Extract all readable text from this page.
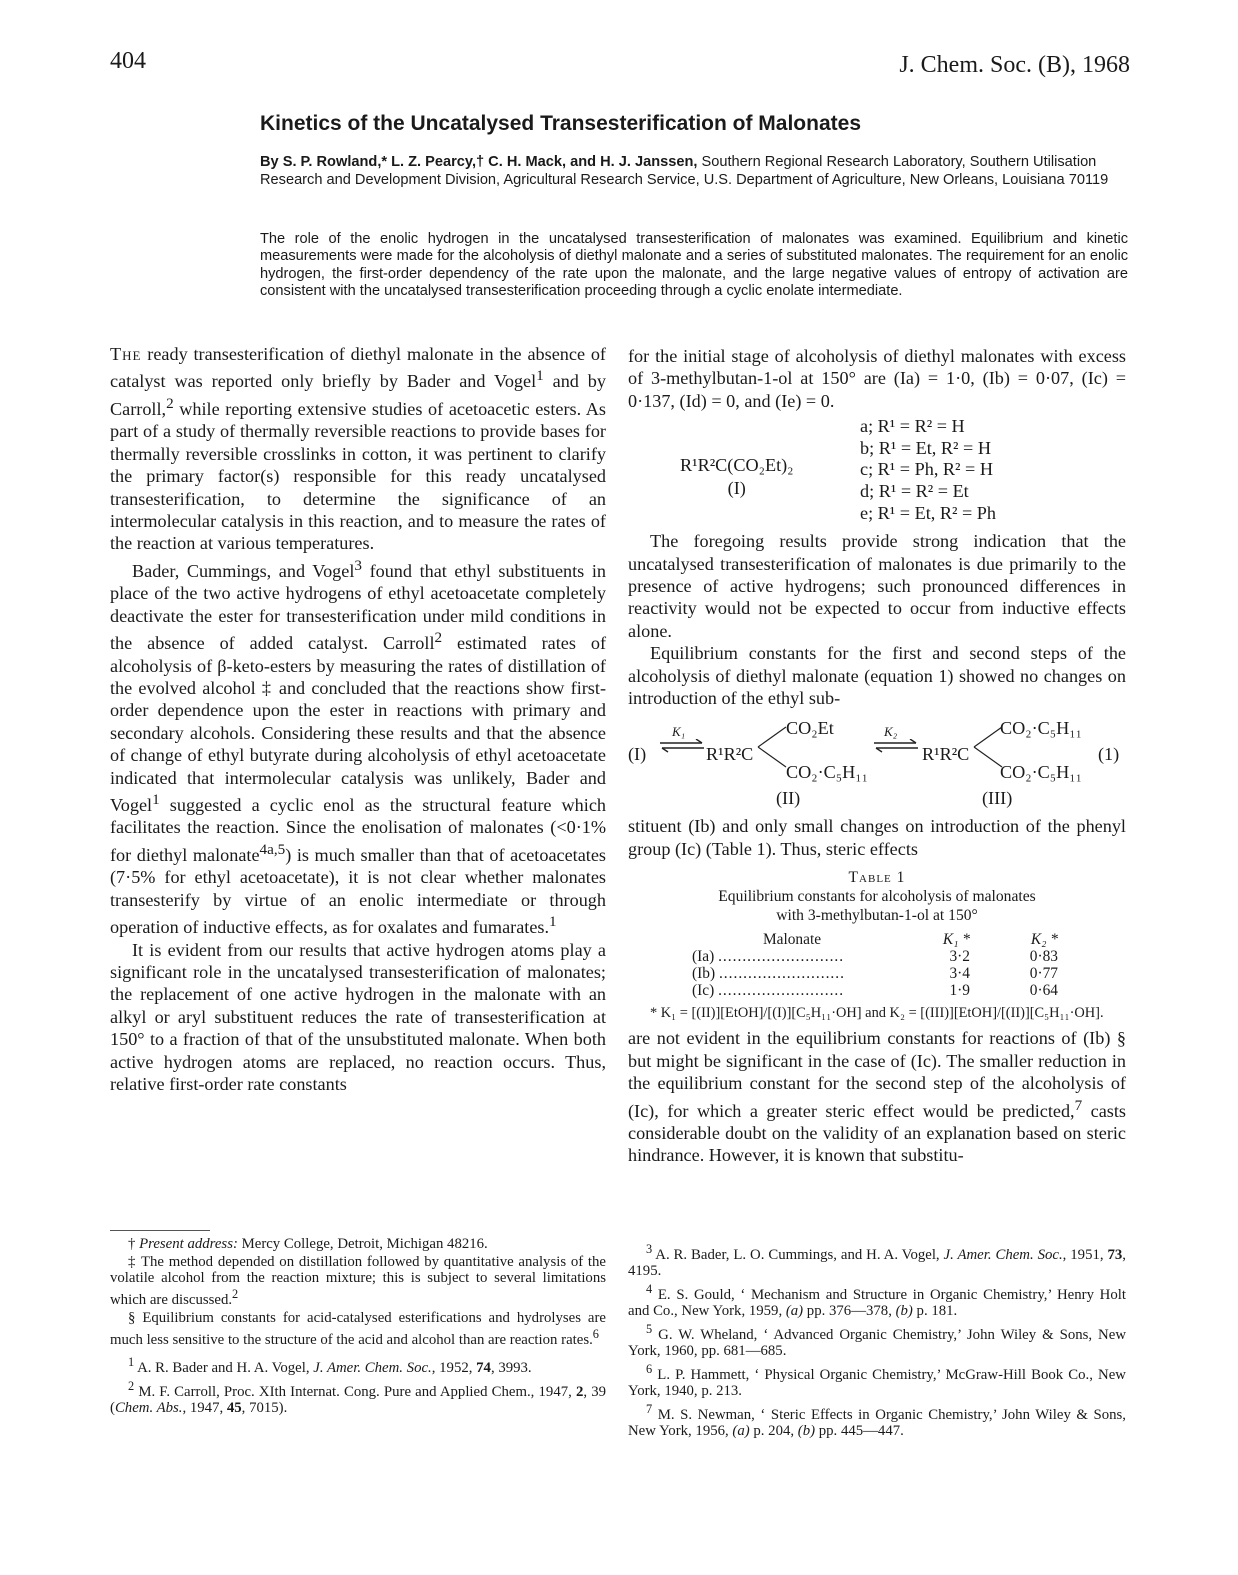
404	J. Chem. Soc. (B), 1968
Kinetics of the Uncatalysed Transesterification of Malonates
By S. P. Rowland,* L. Z. Pearcy,† C. H. Mack, and H. J. Janssen, Southern Regional Research Laboratory, Southern Utilisation Research and Development Division, Agricultural Research Service, U.S. Department of Agriculture, New Orleans, Louisiana 70119
The role of the enolic hydrogen in the uncatalysed transesterification of malonates was examined. Equilibrium and kinetic measurements were made for the alcoholysis of diethyl malonate and a series of substituted malonates. The requirement for an enolic hydrogen, the first-order dependency of the rate upon the malonate, and the large negative values of entropy of activation are consistent with the uncatalysed transesterification proceeding through a cyclic enolate intermediate.

The ready transesterification of diethyl malonate in the absence of catalyst was reported only briefly by Bader and Vogel$^1$ and by Carroll,$^2$ while reporting extensive studies of acetoacetic esters. As part of a study of thermally reversible reactions to provide bases for thermally reversible crosslinks in cotton, it was pertinent to clarify the primary factor(s) responsible for this ready uncatalysed transesterification, to determine the significance of an intermolecular catalysis in this reaction, and to measure the rates of the reaction at various temperatures.

Bader, Cummings, and Vogel$^3$ found that ethyl substituents in place of the two active hydrogens of ethyl acetoacetate completely deactivate the ester for transesterification under mild conditions in the absence of added catalyst. Carroll$^2$ estimated rates of alcoholysis of β-keto-esters by measuring the rates of distillation of the evolved alcohol ‡ and concluded that the reactions show first-order dependence upon the ester in reactions with primary and secondary alcohols. Considering these results and that the absence of change of ethyl butyrate during alcoholysis of ethyl acetoacetate indicated that intermolecular catalysis was unlikely, Bader and Vogel$^1$ suggested a cyclic enol as the structural feature which facilitates the reaction. Since the enolisation of malonates (<0·1% for diethyl malonate$^{4a,5}$) is much smaller than that of acetoacetates (7·5% for ethyl acetoacetate), it is not clear whether malonates transesterify by virtue of an enolic intermediate or through operation of inductive effects, as for oxalates and fumarates.$^1$

It is evident from our results that active hydrogen atoms play a significant role in the uncatalysed transesterification of malonates; the replacement of one active hydrogen in the malonate with an alkyl or aryl substituent reduces the rate of transesterification at 150° to a fraction of that of the unsubstituted malonate. When both active hydrogen atoms are replaced, no reaction occurs. Thus, relative first-order rate constants

† Present address: Mercy College, Detroit, Michigan 48216.

‡ The method depended on distillation followed by quantitative analysis of the volatile alcohol from the reaction mixture; this is subject to several limitations which are discussed.$^2$

§ Equilibrium constants for acid-catalysed esterifications and hydrolyses are much less sensitive to the structure of the acid and alcohol than are reaction rates.$^6$

$^1$ A. R. Bader and H. A. Vogel, J. Amer. Chem. Soc., 1952, 74, 3993.

$^2$ M. F. Carroll, Proc. XIth Internat. Cong. Pure and Applied Chem., 1947, 2, 39 (Chem. Abs., 1947, 45, 7015).

for the initial stage of alcoholysis of diethyl malonates with excess of 3-methylbutan-1-ol at 150° are (Ia) = 1·0, (Ib) = 0·07, (Ic) = 0·137, (Id) = 0, and (Ie) = 0.

R¹R²C(CO₂Et)₂
(I)
a; R¹ = R² = H
b; R¹ = Et, R² = H
c; R¹ = Ph, R² = H
d; R¹ = R² = Et
e; R¹ = Et, R² = Ph

The foregoing results provide strong indication that the uncatalysed transesterification of malonates is due primarily to the presence of active hydrogens; such pronounced differences in reactivity would not be expected to occur from inductive effects alone.

Equilibrium constants for the first and second steps of the alcoholysis of diethyl malonate (equation 1) showed no changes on introduction of the ethyl sub-

(I)
K₁
⇌ R¹R²C
CO₂Et
CO₂·C₅H₁₁
(II)
K₂
⇌ R¹R²C
CO₂·C₅H₁₁
CO₂·C₅H₁₁
(III)
(1)

stituent (Ib) and only small changes on introduction of the phenyl group (Ic) (Table 1). Thus, steric effects

Table 1
Equilibrium constants for alcoholysis of malonates
with 3-methylbutan-1-ol at 150°
Malonate	K₁ *	K₂ *
(Ia) ..........................	3·2	0·83
(Ib) ..........................	3·4	0·77
(Ic) ..........................	1·9	0·64
* K₁ = [(II)][EtOH]/[(I)][C₅H₁₁·OH] and K₂ = [(III)][EtOH]/[(II)][C₅H₁₁·OH].

are not evident in the equilibrium constants for reactions of (Ib) § but might be significant in the case of (Ic). The smaller reduction in the equilibrium constant for the second step of the alcoholysis of (Ic), for which a greater steric effect would be predicted,$^7$ casts considerable doubt on the validity of an explanation based on steric hindrance. However, it is known that substitu-

$^3$ A. R. Bader, L. O. Cummings, and H. A. Vogel, J. Amer. Chem. Soc., 1951, 73, 4195.

$^4$ E. S. Gould, ‘ Mechanism and Structure in Organic Chemistry,’ Henry Holt and Co., New York, 1959, (a) pp. 376—378, (b) p. 181.

$^5$ G. W. Wheland, ‘ Advanced Organic Chemistry,’ John Wiley & Sons, New York, 1960, pp. 681—685.

$^6$ L. P. Hammett, ‘ Physical Organic Chemistry,’ McGraw-Hill Book Co., New York, 1940, p. 213.

$^7$ M. S. Newman, ‘ Steric Effects in Organic Chemistry,’ John Wiley & Sons, New York, 1956, (a) p. 204, (b) pp. 445—447.
